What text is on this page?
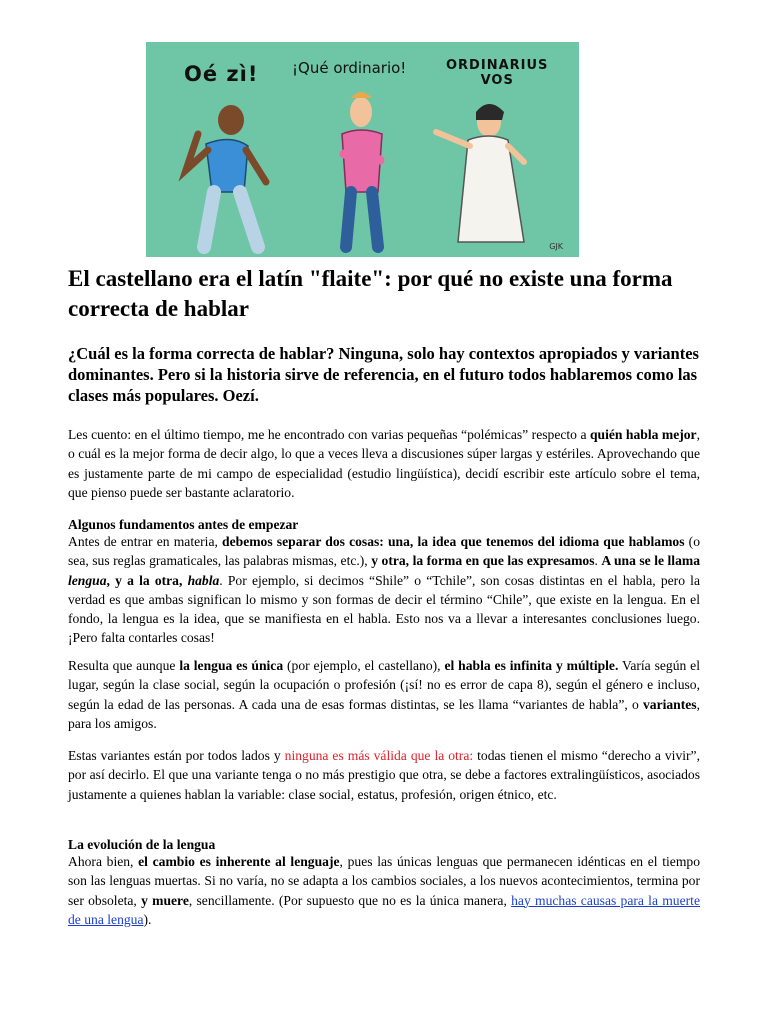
Oé zì! ¡Qué ordinario!	ORDINARIUS
VOS
GJK
El castellano era el latín "flaite": por qué no existe una forma correcta de hablar

¿Cuál es la forma correcta de hablar? Ninguna, solo hay contextos apropiados y variantes dominantes. Pero si la historia sirve de referencia, en el futuro todos hablaremos como las clases más populares. Oezí.

Les cuento: en el último tiempo, me he encontrado con varias pequeñas “polémicas” respecto a quién habla mejor, o cuál es la mejor forma de decir algo, lo que a veces lleva a discusiones súper largas y estériles. Aprovechando que es justamente parte de mi campo de especialidad (estudio lingüística), decidí escribir este artículo sobre el tema, que pienso puede ser bastante aclaratorio.

Algunos fundamentos antes de empezar

Antes de entrar en materia, debemos separar dos cosas: una, la idea que tenemos del idioma que hablamos (o sea, sus reglas gramaticales, las palabras mismas, etc.), y otra, la forma en que las expresamos. A una se le llama lengua, y a la otra, habla. Por ejemplo, si decimos “Shile” o “Tchile”, son cosas distintas en el habla, pero la verdad es que ambas significan lo mismo y son formas de decir el término “Chile”, que existe en la lengua. En el fondo, la lengua es la idea, que se manifiesta en el habla. Esto nos va a llevar a interesantes conclusiones luego. ¡Pero falta contarles cosas!

Resulta que aunque la lengua es única (por ejemplo, el castellano), el habla es infinita y múltiple. Varía según el lugar, según la clase social, según la ocupación o profesión (¡sí! no es error de capa 8), según el género e incluso, según la edad de las personas. A cada una de esas formas distintas, se les llama “variantes de habla”, o variantes, para los amigos.

Estas variantes están por todos lados y ninguna es más válida que la otra: todas tienen el mismo “derecho a vivir”, por así decirlo. El que una variante tenga o no más prestigio que otra, se debe a factores extralingüísticos, asociados justamente a quienes hablan la variable: clase social, estatus, profesión, origen étnico, etc.

La evolución de la lengua

Ahora bien, el cambio es inherente al lenguaje, pues las únicas lenguas que permanecen idénticas en el tiempo son las lenguas muertas. Si no varía, no se adapta a los cambios sociales, a los nuevos acontecimientos, termina por ser obsoleta, y muere, sencillamente. (Por supuesto que no es la única manera, hay muchas causas para la muerte de una lengua).
